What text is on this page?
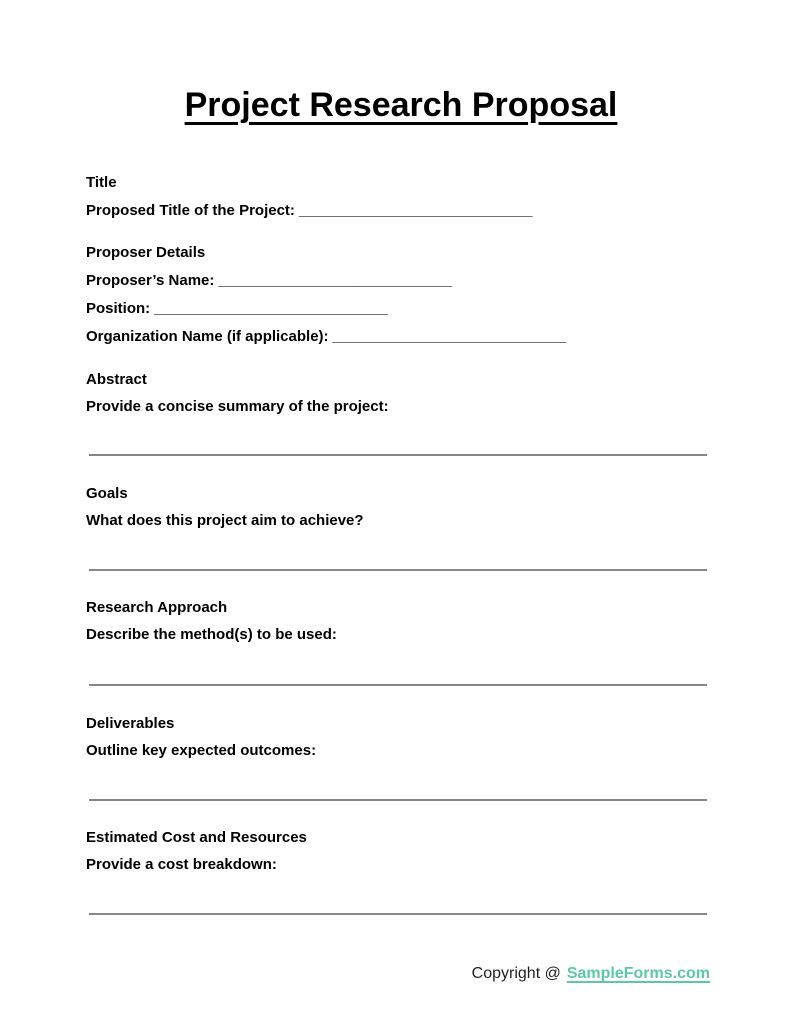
Project Research Proposal

Title

Proposed Title of the Project: ____________________________

Proposer Details

Proposer’s Name: ____________________________

Position: ____________________________

Organization Name (if applicable): ____________________________

Abstract

Provide a concise summary of the project:

Goals

What does this project aim to achieve?

Research Approach

Describe the method(s) to be used:

Deliverables

Outline key expected outcomes:

Estimated Cost and Resources

Provide a cost breakdown:

Copyright @ SampleForms.com
